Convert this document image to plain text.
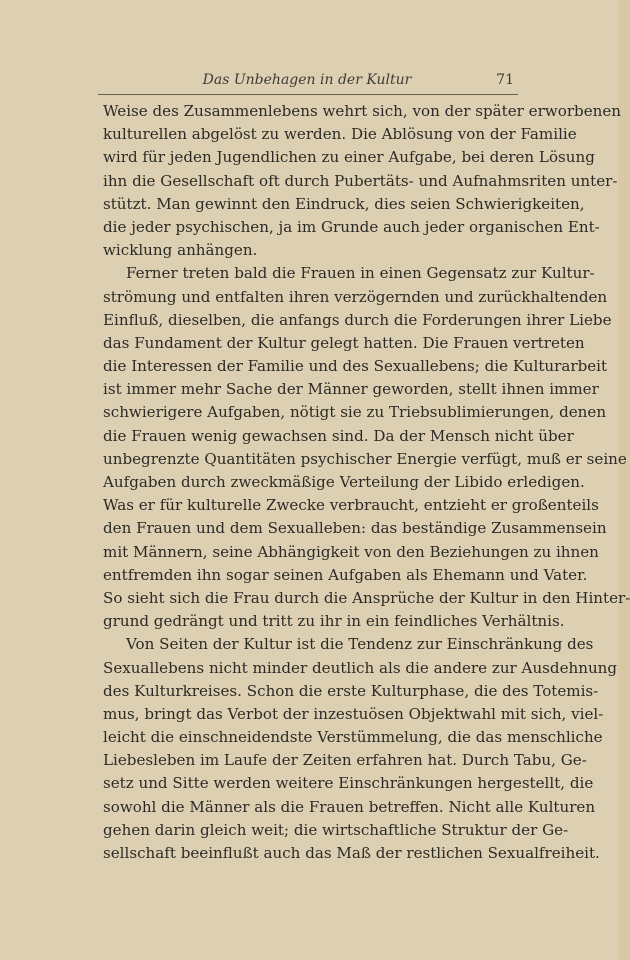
Das Unbehagen in der Kultur	71
Weise des Zusammenlebens wehrt sich, von der später erworbenen
kulturellen abgelöst zu werden. Die Ablösung von der Familie
wird für jeden Jugendlichen zu einer Aufgabe, bei deren Lösung
ihn die Gesellschaft oft durch Pubertäts- und Aufnahmsriten unter-
stützt. Man gewinnt den Eindruck, dies seien Schwierigkeiten,
die jeder psychischen, ja im Grunde auch jeder organischen Ent-
wicklung anhängen.
Ferner treten bald die Frauen in einen Gegensatz zur Kultur-
strömung und entfalten ihren verzögernden und zurückhaltenden
Einfluß, dieselben, die anfangs durch die Forderungen ihrer Liebe
das Fundament der Kultur gelegt hatten. Die Frauen vertreten
die Interessen der Familie und des Sexuallebens; die Kulturarbeit
ist immer mehr Sache der Männer geworden, stellt ihnen immer
schwierigere Aufgaben, nötigt sie zu Triebsublimierungen, denen
die Frauen wenig gewachsen sind. Da der Mensch nicht über
unbegrenzte Quantitäten psychischer Energie verfügt, muß er seine
Aufgaben durch zweckmäßige Verteilung der Libido erledigen.
Was er für kulturelle Zwecke verbraucht, entzieht er großenteils
den Frauen und dem Sexualleben: das beständige Zusammensein
mit Männern, seine Abhängigkeit von den Beziehungen zu ihnen
entfremden ihn sogar seinen Aufgaben als Ehemann und Vater.
So sieht sich die Frau durch die Ansprüche der Kultur in den Hinter-
grund gedrängt und tritt zu ihr in ein feindliches Verhältnis.
Von Seiten der Kultur ist die Tendenz zur Einschränkung des
Sexuallebens nicht minder deutlich als die andere zur Ausdehnung
des Kulturkreises. Schon die erste Kulturphase, die des Totemis-
mus, bringt das Verbot der inzestuösen Objektwahl mit sich, viel-
leicht die einschneidendste Verstümmelung, die das menschliche
Liebesleben im Laufe der Zeiten erfahren hat. Durch Tabu, Ge-
setz und Sitte werden weitere Einschränkungen hergestellt, die
sowohl die Männer als die Frauen betreffen. Nicht alle Kulturen
gehen darin gleich weit; die wirtschaftliche Struktur der Ge-
sellschaft beeinflußt auch das Maß der restlichen Sexualfreiheit.
